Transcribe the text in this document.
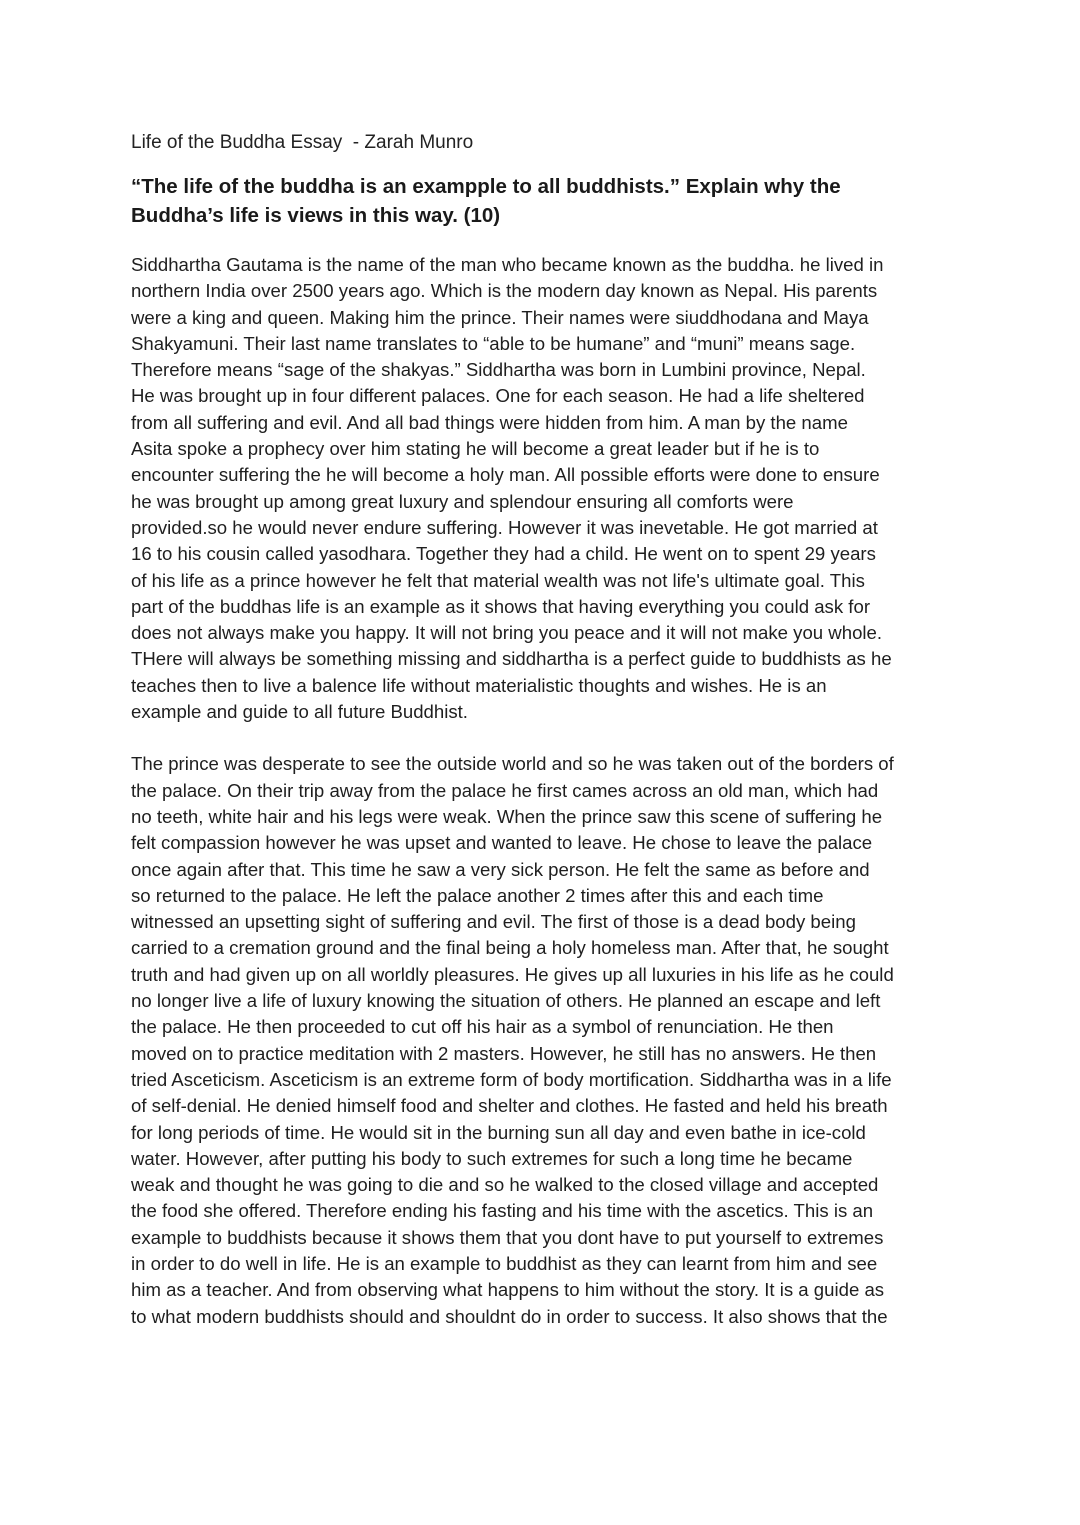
Life of the Buddha Essay  - Zarah Munro
“The life of the buddha is an exampple to all buddhists.” Explain why the
Buddha’s life is views in this way. (10)
Siddhartha Gautama is the name of the man who became known as the buddha. he lived in
northern India over 2500 years ago. Which is the modern day known as Nepal. His parents
were a king and queen. Making him the prince. Their names were siuddhodana and Maya
Shakyamuni. Their last name translates to “able to be humane” and “muni” means sage.
Therefore means “sage of the shakyas.” Siddhartha was born in Lumbini province, Nepal.
He was brought up in four different palaces. One for each season. He had a life sheltered
from all suffering and evil. And all bad things were hidden from him. A man by the name
Asita spoke a prophecy over him stating he will become a great leader but if he is to
encounter suffering the he will become a holy man. All possible efforts were done to ensure
he was brought up among great luxury and splendour ensuring all comforts were
provided.so he would never endure suffering. However it was inevetable. He got married at
16 to his cousin called yasodhara. Together they had a child. He went on to spent 29 years
of his life as a prince however he felt that material wealth was not life's ultimate goal. This
part of the buddhas life is an example as it shows that having everything you could ask for
does not always make you happy. It will not bring you peace and it will not make you whole.
THere will always be something missing and siddhartha is a perfect guide to buddhists as he
teaches then to live a balence life without materialistic thoughts and wishes. He is an
example and guide to all future Buddhist.
The prince was desperate to see the outside world and so he was taken out of the borders of
the palace. On their trip away from the palace he first cames across an old man, which had
no teeth, white hair and his legs were weak. When the prince saw this scene of suffering he
felt compassion however he was upset and wanted to leave. He chose to leave the palace
once again after that. This time he saw a very sick person. He felt the same as before and
so returned to the palace. He left the palace another 2 times after this and each time
witnessed an upsetting sight of suffering and evil. The first of those is a dead body being
carried to a cremation ground and the final being a holy homeless man. After that, he sought
truth and had given up on all worldly pleasures. He gives up all luxuries in his life as he could
no longer live a life of luxury knowing the situation of others. He planned an escape and left
the palace. He then proceeded to cut off his hair as a symbol of renunciation. He then
moved on to practice meditation with 2 masters. However, he still has no answers. He then
tried Asceticism. Asceticism is an extreme form of body mortification. Siddhartha was in a life
of self-denial. He denied himself food and shelter and clothes. He fasted and held his breath
for long periods of time. He would sit in the burning sun all day and even bathe in ice-cold
water. However, after putting his body to such extremes for such a long time he became
weak and thought he was going to die and so he walked to the closed village and accepted
the food she offered. Therefore ending his fasting and his time with the ascetics. This is an
example to buddhists because it shows them that you dont have to put yourself to extremes
in order to do well in life. He is an example to buddhist as they can learnt from him and see
him as a teacher. And from observing what happens to him without the story. It is a guide as
to what modern buddhists should and shouldnt do in order to success. It also shows that the
